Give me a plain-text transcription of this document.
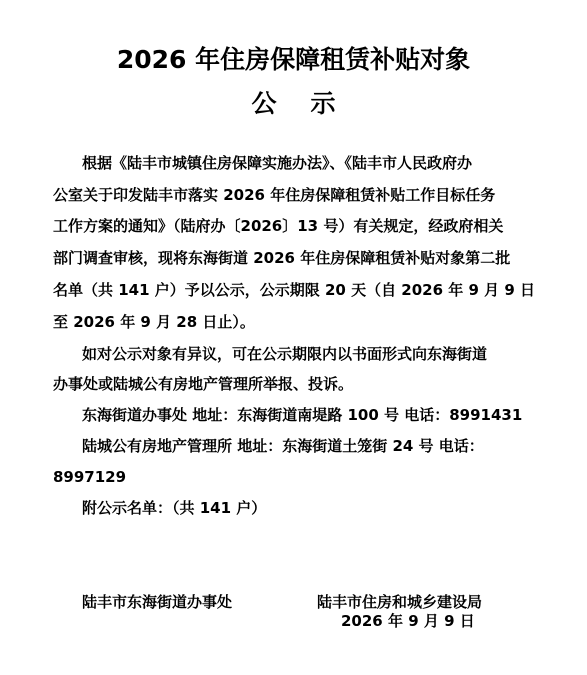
2026 年住房保障租赁补贴对象
公示
根据《陆丰市城镇住房保障实施办法》、《陆丰市人民政府办
公室关于印发陆丰市落实 2026 年住房保障租赁补贴工作目标任务
工作方案的通知》（陆府办〔2026〕13 号）有关规定，经政府相关
部门调查审核，现将东海街道 2026 年住房保障租赁补贴对象第二批
名单（共 141 户）予以公示，公示期限 20 天（自 2026 年 9 月 9 日
至 2026 年 9 月 28 日止）。
如对公示对象有异议，可在公示期限内以书面形式向东海街道
办事处或陆城公有房地产管理所举报、投诉。
东海街道办事处 地址：东海街道南堤路 100 号 电话：8991431
陆城公有房地产管理所 地址：东海街道土笼街 24 号 电话：
8997129
附公示名单：（共 141 户）
陆丰市东海街道办事处	陆丰市住房和城乡建设局
2026 年 9 月 9 日
